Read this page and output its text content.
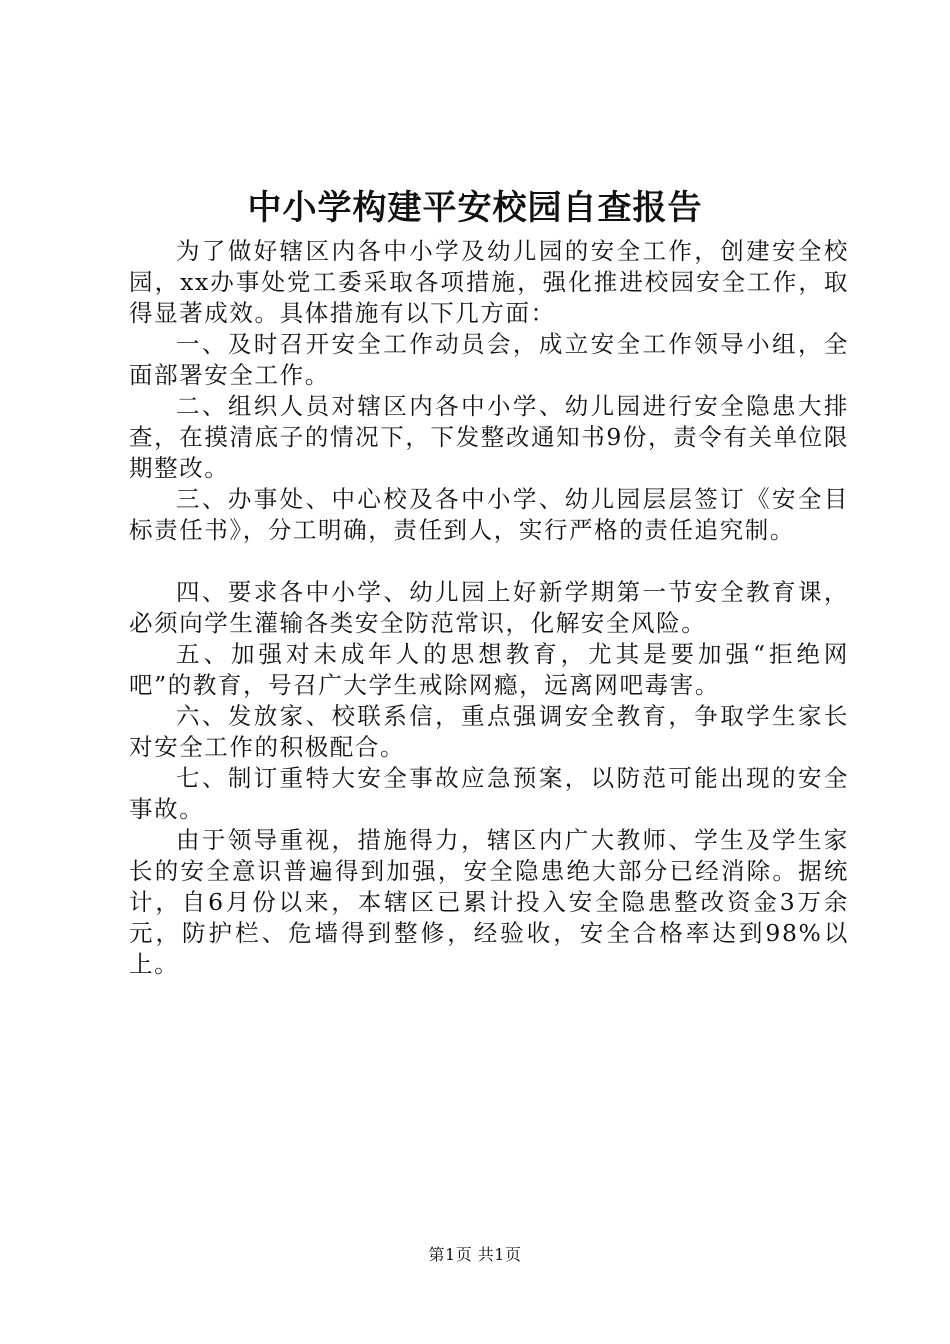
中小学构建平安校园自查报告

为了做好辖区内各中小学及幼儿园的安全工作，创建安全校园，xx办事处党工委采取各项措施，强化推进校园安全工作，取得显著成效。具体措施有以下几方面：

一、及时召开安全工作动员会，成立安全工作领导小组，全面部署安全工作。

二、组织人员对辖区内各中小学、幼儿园进行安全隐患大排查，在摸清底子的情况下，下发整改通知书9份，责令有关单位限期整改。

三、办事处、中心校及各中小学、幼儿园层层签订《安全目标责任书》，分工明确，责任到人，实行严格的责任追究制。

四、要求各中小学、幼儿园上好新学期第一节安全教育课，必须向学生灌输各类安全防范常识，化解安全风险。

五、加强对未成年人的思想教育，尤其是要加强“拒绝网吧”的教育，号召广大学生戒除网瘾，远离网吧毒害。

六、发放家、校联系信，重点强调安全教育，争取学生家长对安全工作的积极配合。

七、制订重特大安全事故应急预案，以防范可能出现的安全事故。

由于领导重视，措施得力，辖区内广大教师、学生及学生家长的安全意识普遍得到加强，安全隐患绝大部分已经消除。据统计，自6月份以来，本辖区已累计投入安全隐患整改资金3万余元，防护栏、危墙得到整修，经验收，安全合格率达到98%以上。

第1页 共1页
